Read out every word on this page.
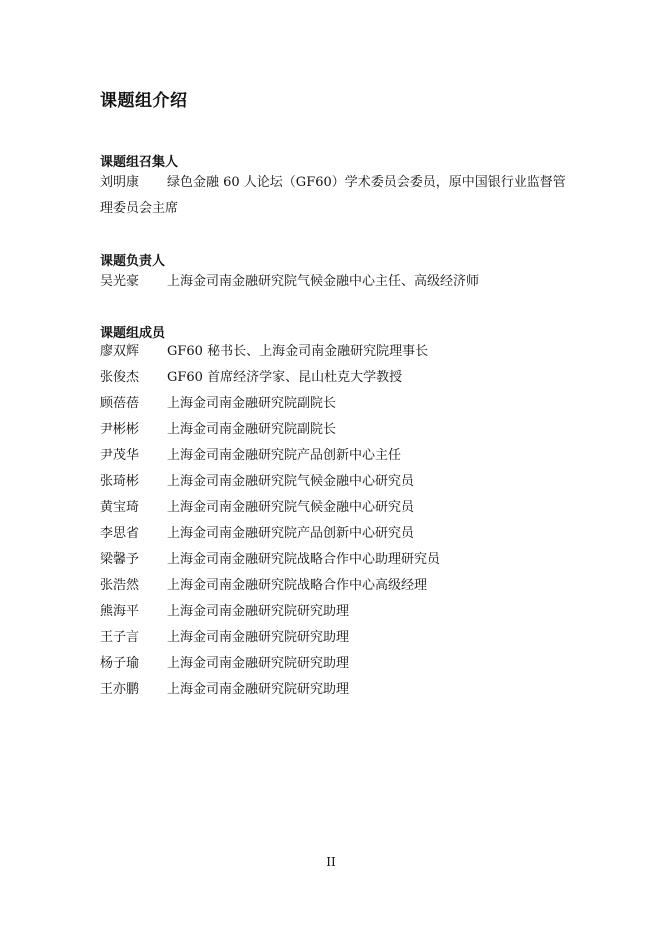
课题组介绍
课题组召集人
刘明康 绿色金融 60 人论坛（GF60）学术委员会委员，原中国银行业监督管理委员会主席
课题负责人
吴光豪 上海金司南金融研究院气候金融中心主任、高级经济师
课题组成员
廖双辉 GF60 秘书长、上海金司南金融研究院理事长
张俊杰 GF60 首席经济学家、昆山杜克大学教授
顾蓓蓓 上海金司南金融研究院副院长
尹彬彬 上海金司南金融研究院副院长
尹茂华 上海金司南金融研究院产品创新中心主任
张琦彬 上海金司南金融研究院气候金融中心研究员
黄宝琦 上海金司南金融研究院气候金融中心研究员
李思省 上海金司南金融研究院产品创新中心研究员
梁馨予 上海金司南金融研究院战略合作中心助理研究员
张浩然 上海金司南金融研究院战略合作中心高级经理
熊海平 上海金司南金融研究院研究助理
王子言 上海金司南金融研究院研究助理
杨子瑜 上海金司南金融研究院研究助理
王亦鹏 上海金司南金融研究院研究助理
II
